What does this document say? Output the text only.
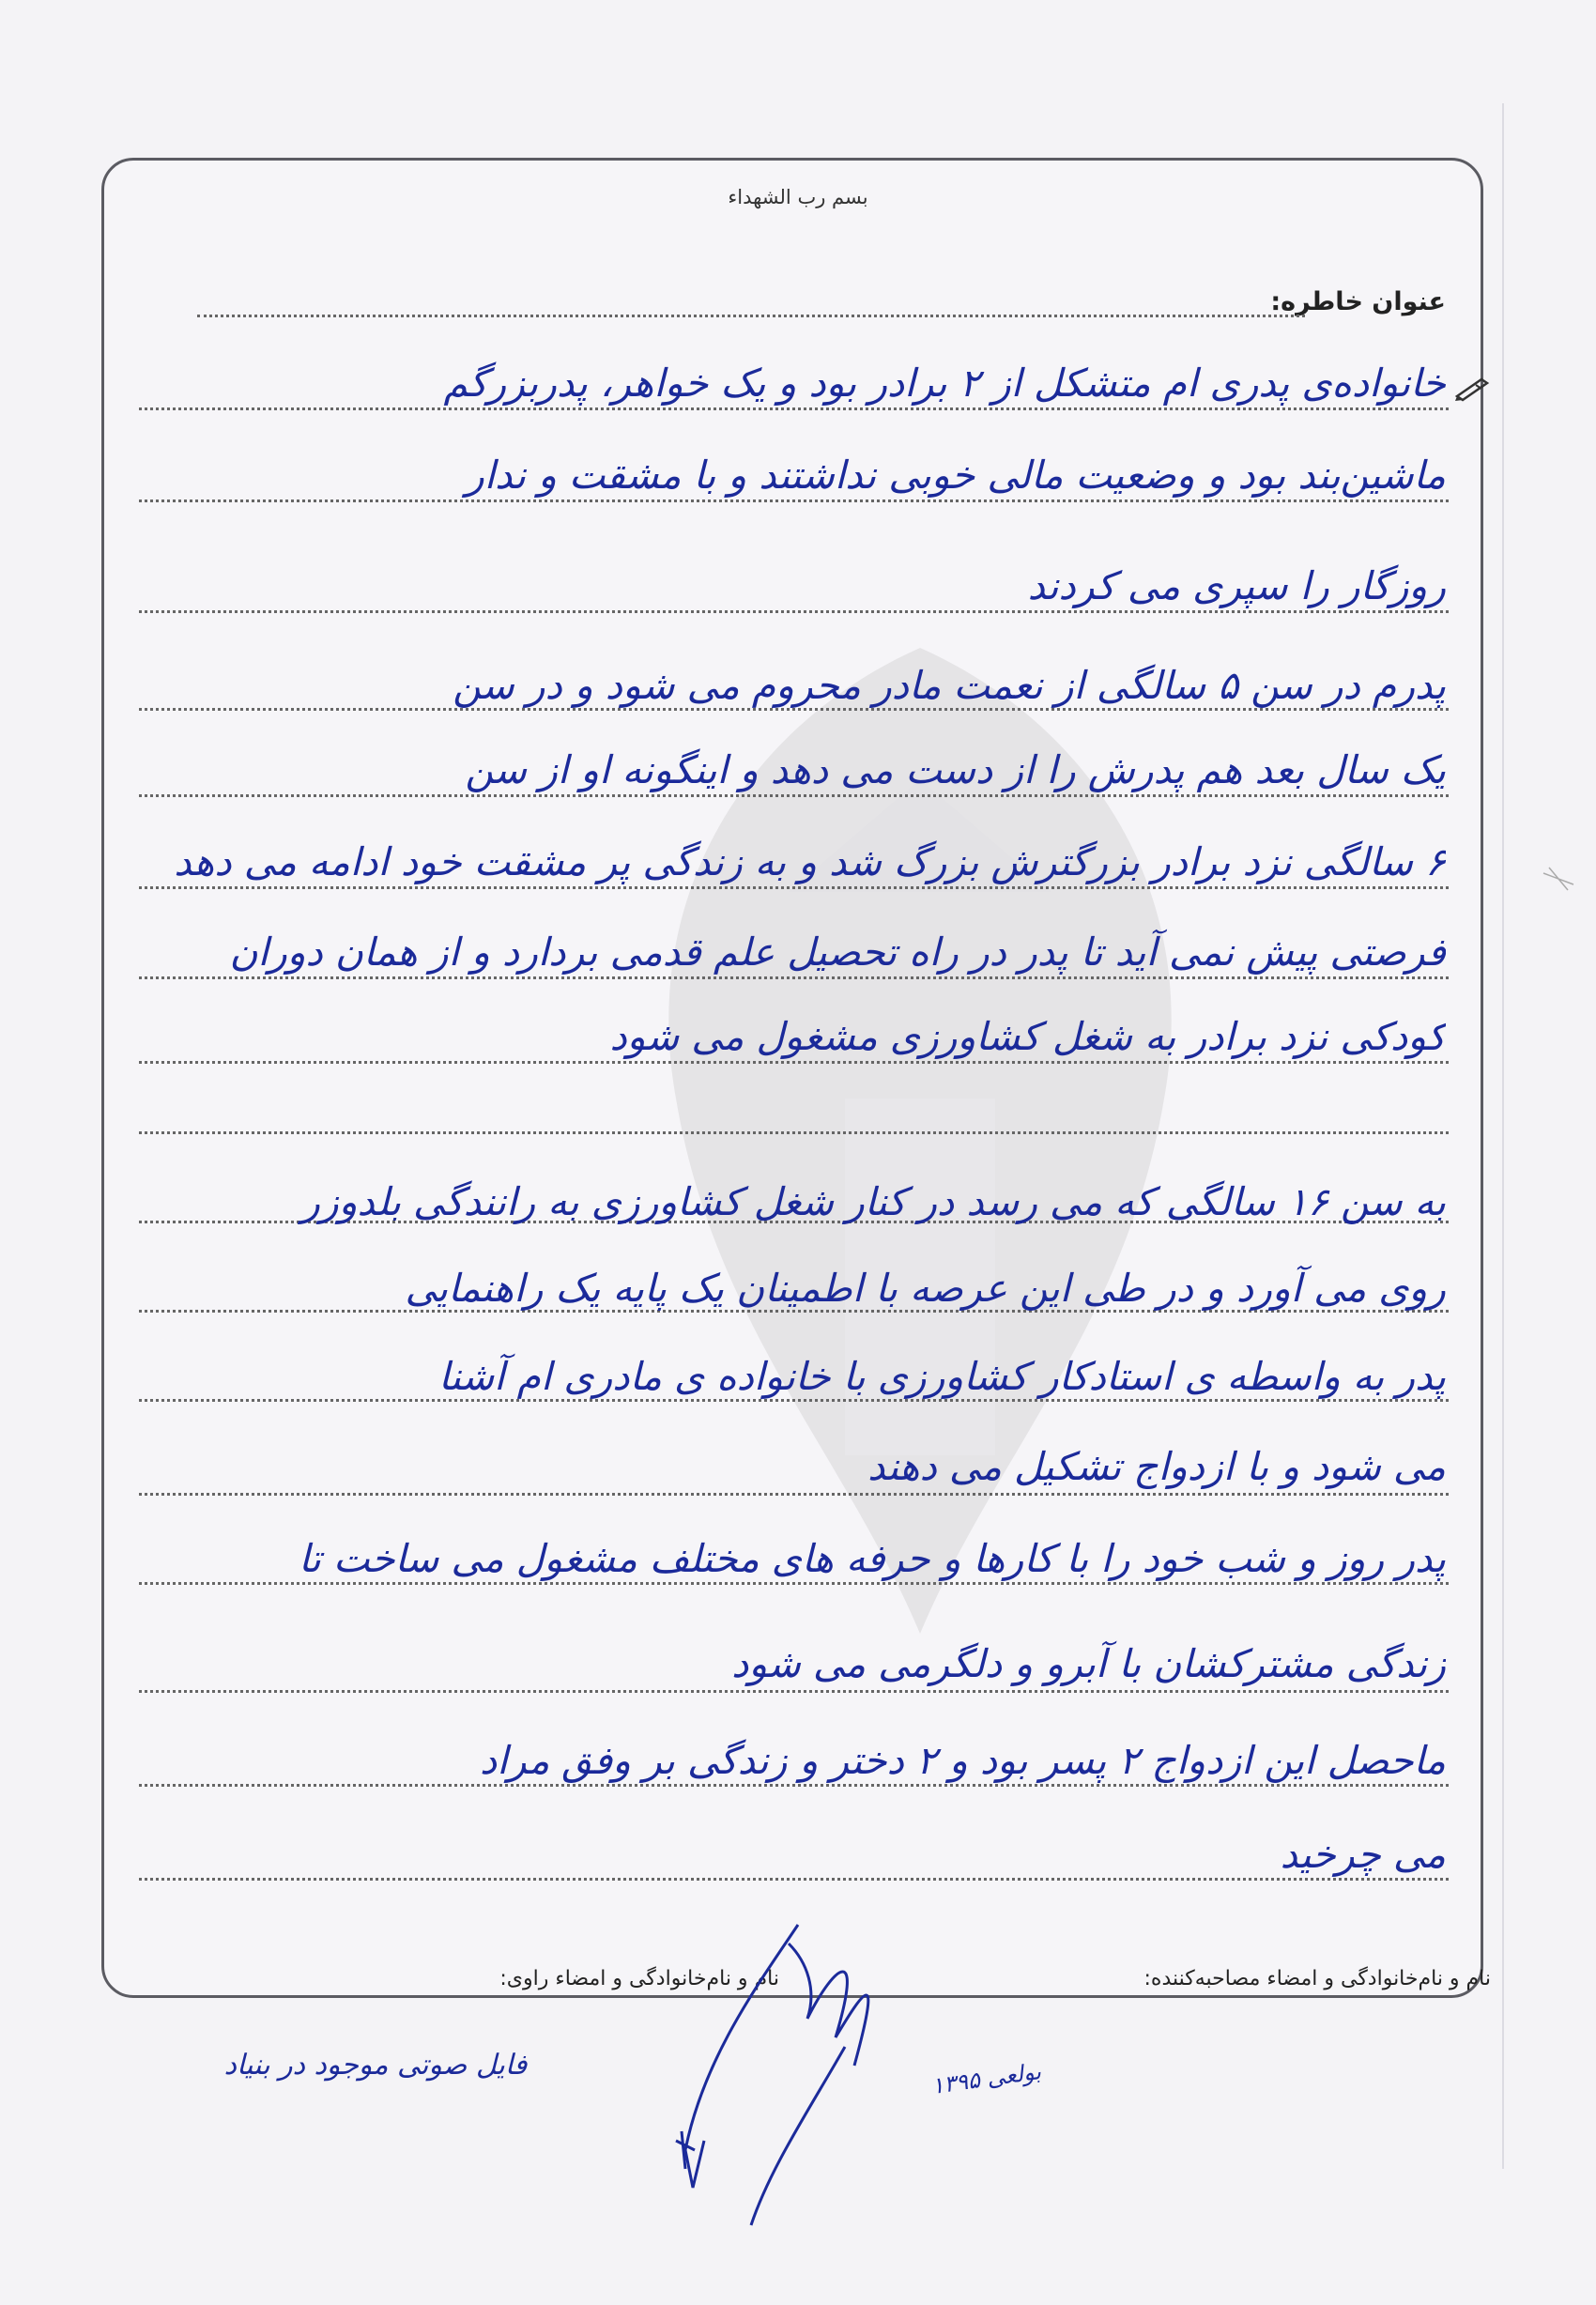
بسم رب الشهداء
عنوان خاطره:
خانواده‌ی پدری ام متشکل از ۲ برادر بود و یک خواهر، پدربزرگم
ماشین‌بند بود و وضعیت مالی خوبی نداشتند و با مشقت و ندار
روزگار را سپری می کردند
پدرم در سن ۵ سالگی از نعمت مادر محروم می شود و در سن
یک سال بعد هم پدرش را از دست می دهد و اینگونه او از سن
۶ سالگی نزد برادر بزرگترش بزرگ شد و به زندگی پر مشقت خود ادامه می دهد
فرصتی پیش نمی آید تا پدر در راه تحصیل علم قدمی بردارد و از همان دوران
کودکی نزد برادر به شغل کشاورزی مشغول می شود
به سن ۱۶ سالگی که می رسد در کنار شغل کشاورزی به رانندگی بلدوزر
روی می آورد و در طی این عرصه با اطمینان یک پایه یک راهنمایی
پدر به واسطه ی استادکار کشاورزی با خانواده ی مادری ام آشنا
می شود و با ازدواج تشکیل می دهند
پدر روز و شب خود را با کارها و حرفه های مختلف مشغول می ساخت تا
زندگی مشترکشان با آبرو و دلگرمی می شود
ماحصل این ازدواج ۲ پسر بود و ۲ دختر و زندگی بر وفق مراد
می چرخید
نام و نام‌خانوادگی و امضاء مصاحبه‌کننده:
نام و نام‌خانوادگی و امضاء راوی:
بولعی ۱۳۹۵
فایل صوتی موجود در بنیاد
